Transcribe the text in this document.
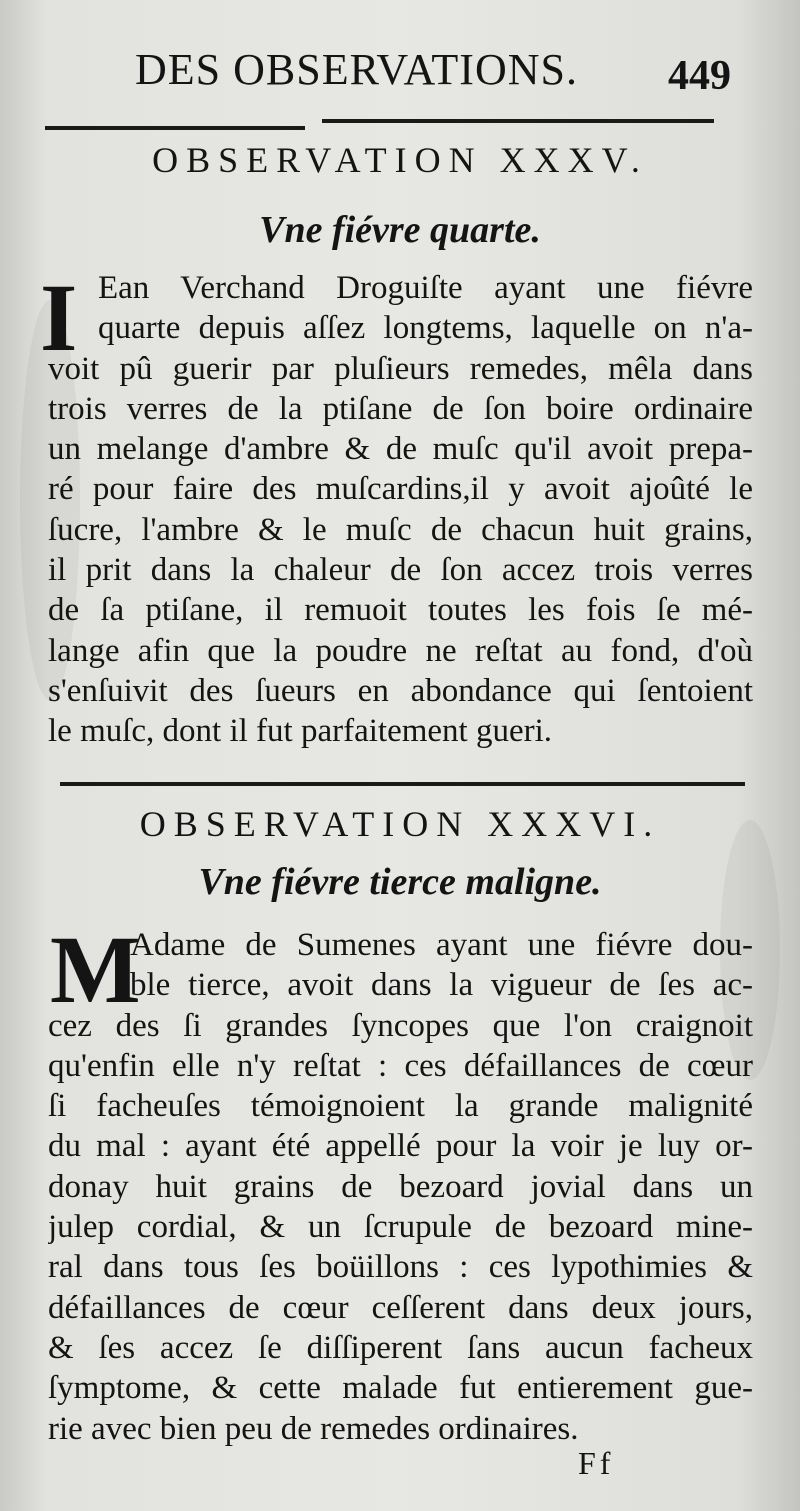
DES OBSERVATIONS. 449
OBSERVATION XXXV.
Vne fiévre quarte.
I Ean Verchand Droguiſte ayant une fiévre
quarte depuis aſſez longtems, laquelle on n'a-
voit pû guerir par pluſieurs remedes, mêla dans
trois verres de la ptiſane de ſon boire ordinaire
un melange d'ambre & de muſc qu'il avoit prepa-
ré pour faire des muſcardins,il y avoit ajoûté le
ſucre, l'ambre & le muſc de chacun huit grains,
il prit dans la chaleur de ſon accez trois verres
de ſa ptiſane, il remuoit toutes les fois ſe mé-
lange afin que la poudre ne reſtat au fond, d'où
s'enſuivit des ſueurs en abondance qui ſentoient
le muſc, dont il fut parfaitement gueri.
OBSERVATION XXXVI.
Vne fiévre tierce maligne.
M
Adame de Sumenes ayant une fiévre dou-
ble tierce, avoit dans la vigueur de ſes ac-
cez des ſi grandes ſyncopes que l'on craignoit
qu'enfin elle n'y reſtat : ces défaillances de cœur
ſi facheuſes témoignoient la grande malignité
du mal : ayant été appellé pour la voir je luy or-
donay huit grains de bezoard jovial dans un
julep cordial, & un ſcrupule de bezoard mine-
ral dans tous ſes boüillons : ces lypothimies &
défaillances de cœur ceſſerent dans deux jours,
& ſes accez ſe diſſiperent ſans aucun facheux
ſymptome, & cette malade fut entierement gue-
rie avec bien peu de remedes ordinaires.
Ff
